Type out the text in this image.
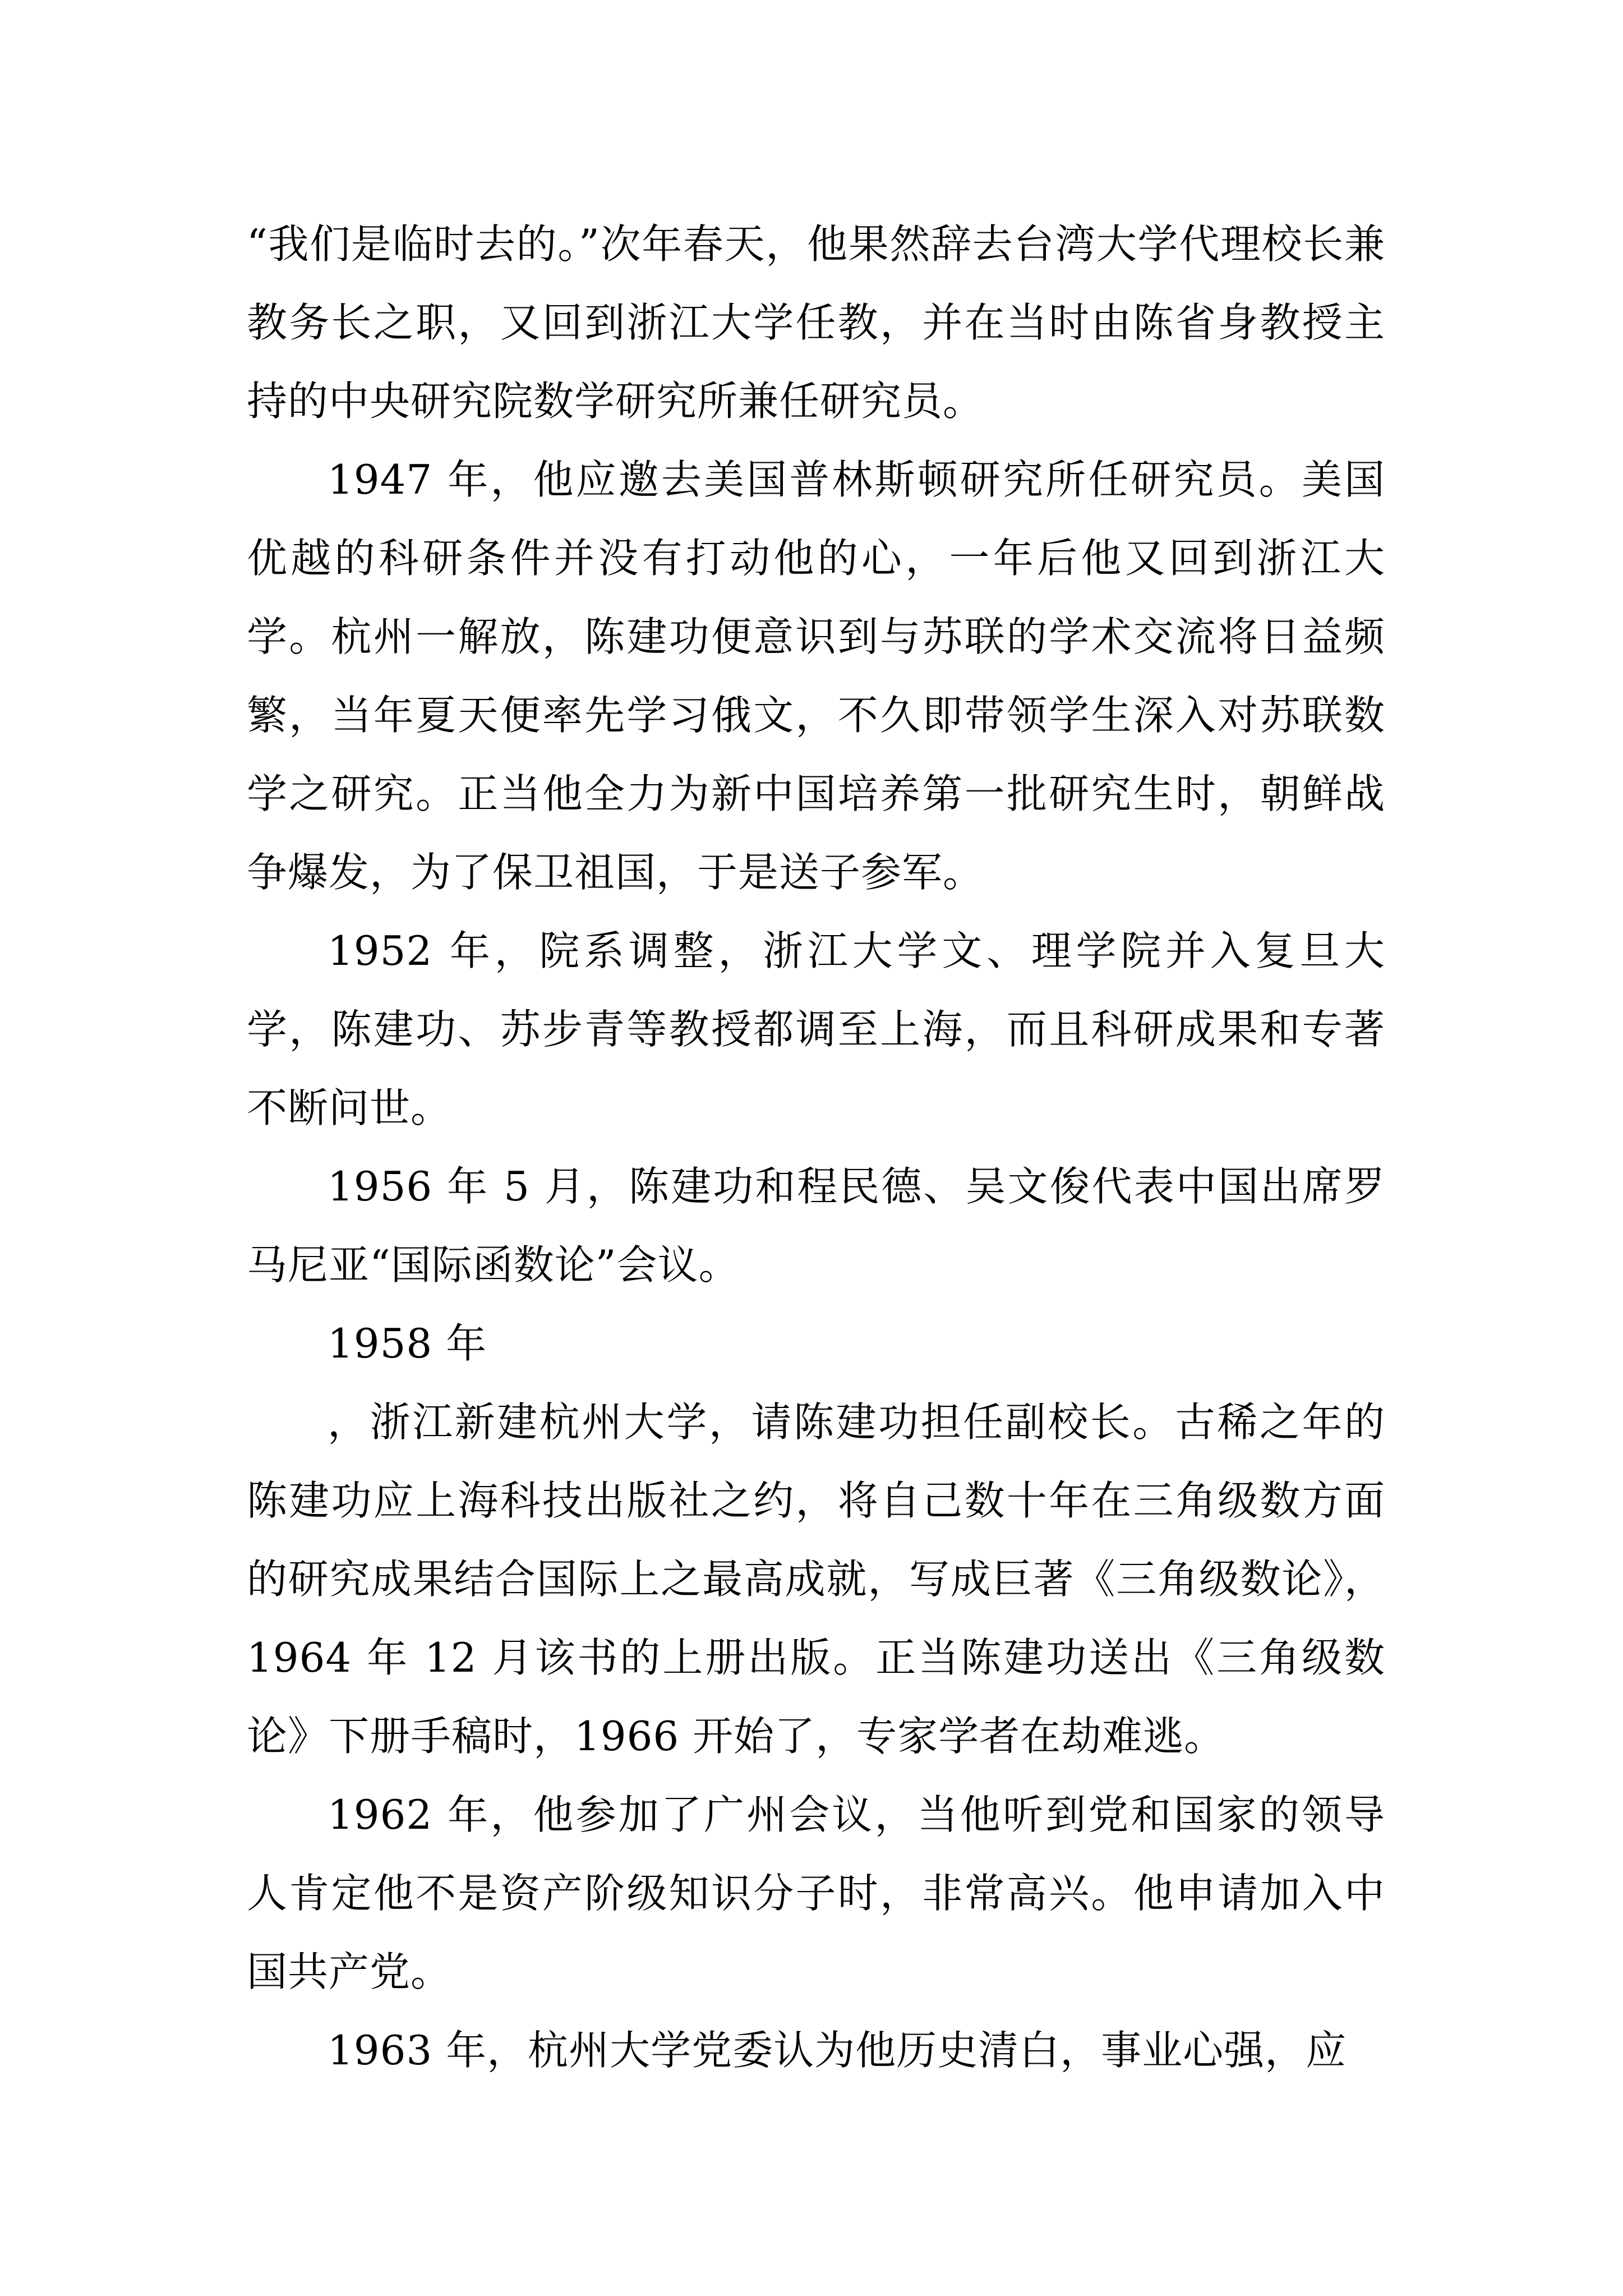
“我们是临时去的。”次年春天，他果然辞去台湾大学代理校长兼教务长之职，又回到浙江大学任教，并在当时由陈省身教授主持的中央研究院数学研究所兼任研究员。

1947 年，他应邀去美国普林斯顿研究所任研究员。美国优越的科研条件并没有打动他的心，一年后他又回到浙江大学。杭州一解放，陈建功便意识到与苏联的学术交流将日益频繁，当年夏天便率先学习俄文，不久即带领学生深入对苏联数学之研究。正当他全力为新中国培养第一批研究生时，朝鲜战争爆发，为了保卫祖国，于是送子参军。

1952 年，院系调整，浙江大学文、理学院并入复旦大学，陈建功、苏步青等教授都调至上海，而且科研成果和专著不断问世。

1956 年 5 月，陈建功和程民德、吴文俊代表中国出席罗马尼亚“国际函数论”会议。

1958 年

，浙江新建杭州大学，请陈建功担任副校长。古稀之年的陈建功应上海科技出版社之约，将自己数十年在三角级数方面的研究成果结合国际上之最高成就，写成巨著《三角级数论》，1964 年 12 月该书的上册出版。正当陈建功送出《三角级数论》下册手稿时，1966 开始了，专家学者在劫难逃。

1962 年，他参加了广州会议，当他听到党和国家的领导人肯定他不是资产阶级知识分子时，非常高兴。他申请加入中国共产党。

1963 年，杭州大学党委认为他历史清白，事业心强，应
